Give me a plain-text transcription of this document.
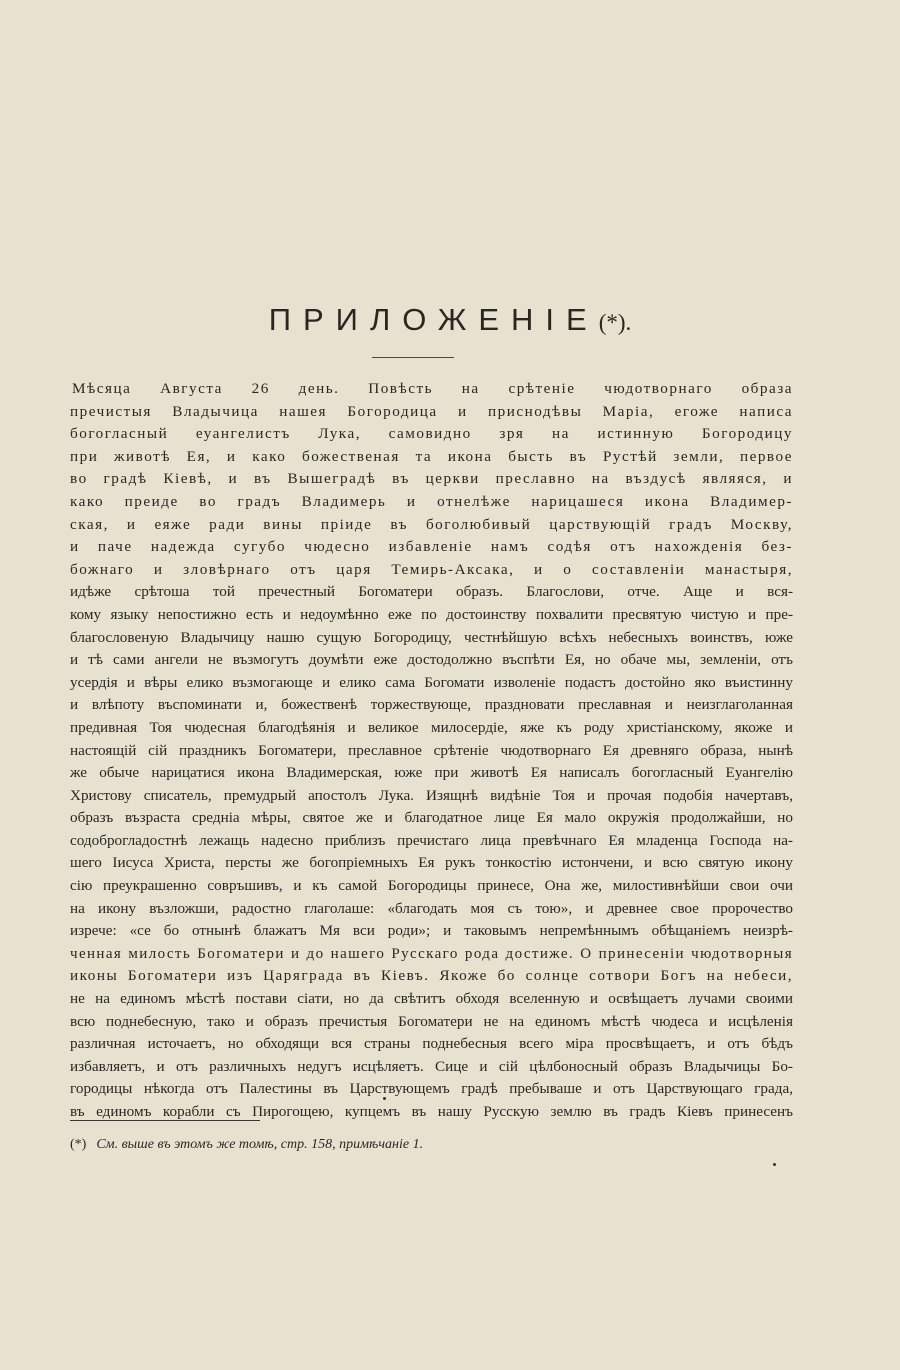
ПРИЛОЖЕНІЕ(*).
Мѣсяца Августа 26 день. Повѣсть на срѣтеніе чюдотворнаго образа
пречистыя Владычица нашея Богородица и приснодѣвы Маріа, егоже написа
богогласный еуангелистъ Лука, самовидно зря на истинную Богородицу
при животѣ Ея, и како божественая та икона бысть въ Рустѣй земли, первое
во градѣ Кіевѣ, и въ Вышеградѣ въ церкви преславно на въздусѣ являяся, и
како преиде во градъ Владимерь и отнелѣже нарицашеся икона Владимер-
ская, и еяже ради вины пріиде въ боголюбивый царствующій градъ Москву,
и паче надежда сугубо чюдесно избавленіе намъ содѣя отъ нахожденія без-
божнаго и зловѣрнаго отъ царя Темирь-Аксака, и о составленіи манастыря,
идѣже срѣтоша той пречестный Богоматери образъ. Благослови, отче. Аще и вся-
кому языку непостижно есть и недоумѣнно еже по достоинству похвалити пресвятую чистую и пре-
благословеную Владычицу нашю сущую Богородицу, честнѣйшую всѣхъ небесныхъ воинствъ, юже
и тѣ сами ангели не възмогутъ доумѣти еже достодолжно въспѣти Ея, но обаче мы, земленіи, отъ
усердія и вѣры елико възмогающе и елико сама Богомати изволеніе подастъ достойно яко въистинну
и влѣпоту въспоминати и, божественѣ торжествующе, праздновати преславная и неизглаголанная
предивная Тоя чюдесная благодѣянія и великое милосердіе, яже къ роду христіанскому, якоже и
настоящій сій праздникъ Богоматери, преславное срѣтеніе чюдотворнаго Ея древняго образа, нынѣ
же обыче нарицатися икона Владимерская, юже при животѣ Ея написалъ богогласный Еуангелію
Христову списатель, премудрый апостолъ Лука. Изящнѣ видѣніе Тоя и прочая подобія начертавъ,
образъ възраста средніа мѣры, святое же и благодатное лице Ея мало окружія продолжайши, но
содоброгладостнѣ лежащь надесно приблизъ пречистаго лица превѣчнаго Ея младенца Господа на-
шего Іисуса Христа, персты же богопріемныхъ Ея рукъ тонкостію истончени, и всю святую икону
сію преукрашенно совръшивъ, и къ самой Богородицы принесе, Она же, милостивнѣйши свои очи
на икону възложши, радостно глаголаше: «благодать моя съ тою», и древнее свое пророчество
изрече: «се бо отнынѣ блажатъ Мя вси роди»; и таковымъ непремѣннымъ обѣщаніемъ неизрѣ-
ченная милость Богоматери и до нашего Русскаго рода достиже. О принесеніи чюдотворныя
иконы Богоматери изъ Царяграда въ Кіевъ. Якоже бо солнце сотвори Богъ на небеси,
не на единомъ мѣстѣ постави сіати, но да свѣтитъ обходя вселенную и освѣщаетъ лучами своими
всю поднебесную, тако и образъ пречистыя Богоматери не на единомъ мѣстѣ чюдеса и исцѣленія
различная источаетъ, но обходящи вся страны поднебесныя всего міра просвѣщаетъ, и отъ бѣдъ
избавляетъ, и отъ различныхъ недугъ исцѣляетъ. Сице и сій цѣлбоносный образъ Владычицы Бо-
городицы нѣкогда отъ Палестины въ Царствующемъ градѣ пребываше и отъ Царствующаго града,
въ единомъ корабли съ Пирогощею, купцемъ въ нашу Русскую землю въ градъ Кіевъ принесенъ
(*) См. выше въ этомъ же томѣ, стр. 158, примѣчаніе 1.
